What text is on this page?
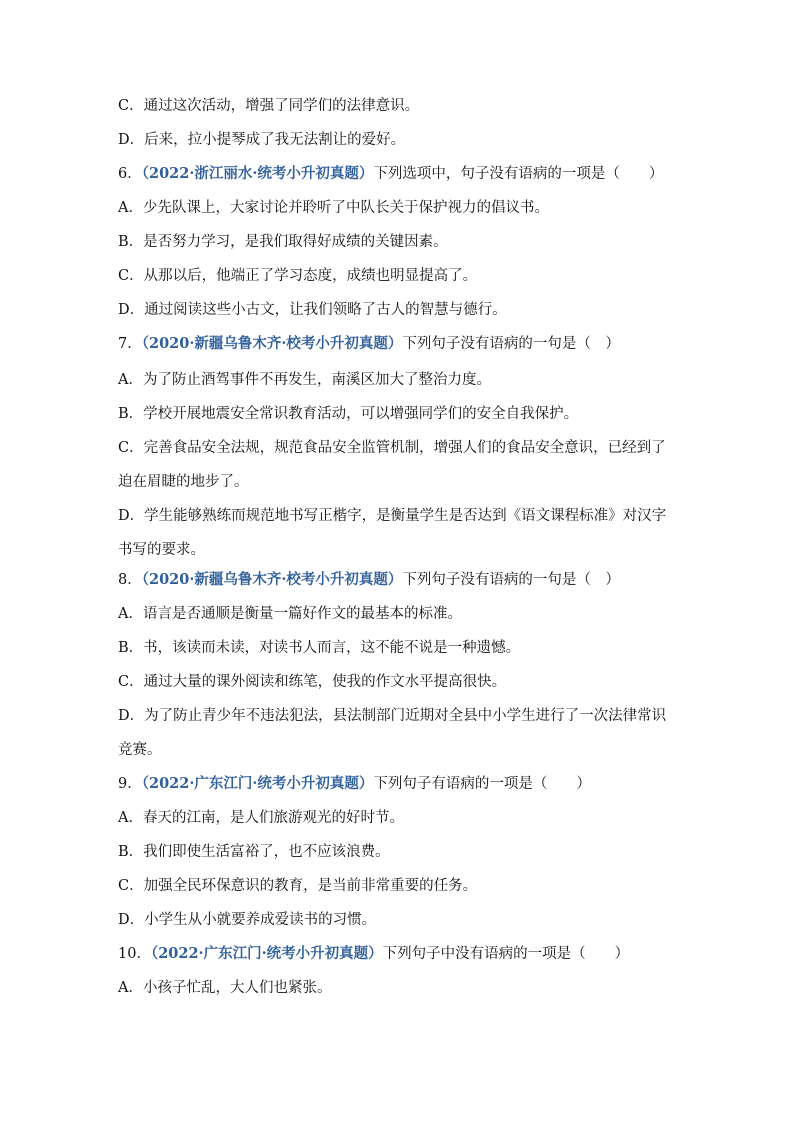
C．通过这次活动，增强了同学们的法律意识。
D．后来，拉小提琴成了我无法割让的爱好。
6．（2022·浙江丽水·统考小升初真题）下列选项中，句子没有语病的一项是（　　）
A．少先队课上，大家讨论并聆听了中队长关于保护视力的倡议书。
B．是否努力学习，是我们取得好成绩的关键因素。
C．从那以后，他端正了学习态度，成绩也明显提高了。
D．通过阅读这些小古文，让我们领略了古人的智慧与德行。
7．（2020·新疆乌鲁木齐·校考小升初真题）下列句子没有语病的一句是（　）
A．为了防止酒驾事件不再发生，南溪区加大了整治力度。
B．学校开展地震安全常识教育活动，可以增强同学们的安全自我保护。
C．完善食品安全法规，规范食品安全监管机制，增强人们的食品安全意识，已经到了迫在眉睫的地步了。
D．学生能够熟练而规范地书写正楷字，是衡量学生是否达到《语文课程标准》对汉字书写的要求。
8．（2020·新疆乌鲁木齐·校考小升初真题）下列句子没有语病的一句是（　）
A．语言是否通顺是衡量一篇好作文的最基本的标准。
B．书，该读而未读，对读书人而言，这不能不说是一种遗憾。
C．通过大量的课外阅读和练笔，使我的作文水平提高很快。
D．为了防止青少年不违法犯法，县法制部门近期对全县中小学生进行了一次法律常识竞赛。
9．（2022·广东江门·统考小升初真题）下列句子有语病的一项是（　　）
A．春天的江南，是人们旅游观光的好时节。
B．我们即使生活富裕了，也不应该浪费。
C．加强全民环保意识的教育，是当前非常重要的任务。
D．小学生从小就要养成爱读书的习惯。
10．（2022·广东江门·统考小升初真题）下列句子中没有语病的一项是（　　）
A．小孩子忙乱，大人们也紧张。
